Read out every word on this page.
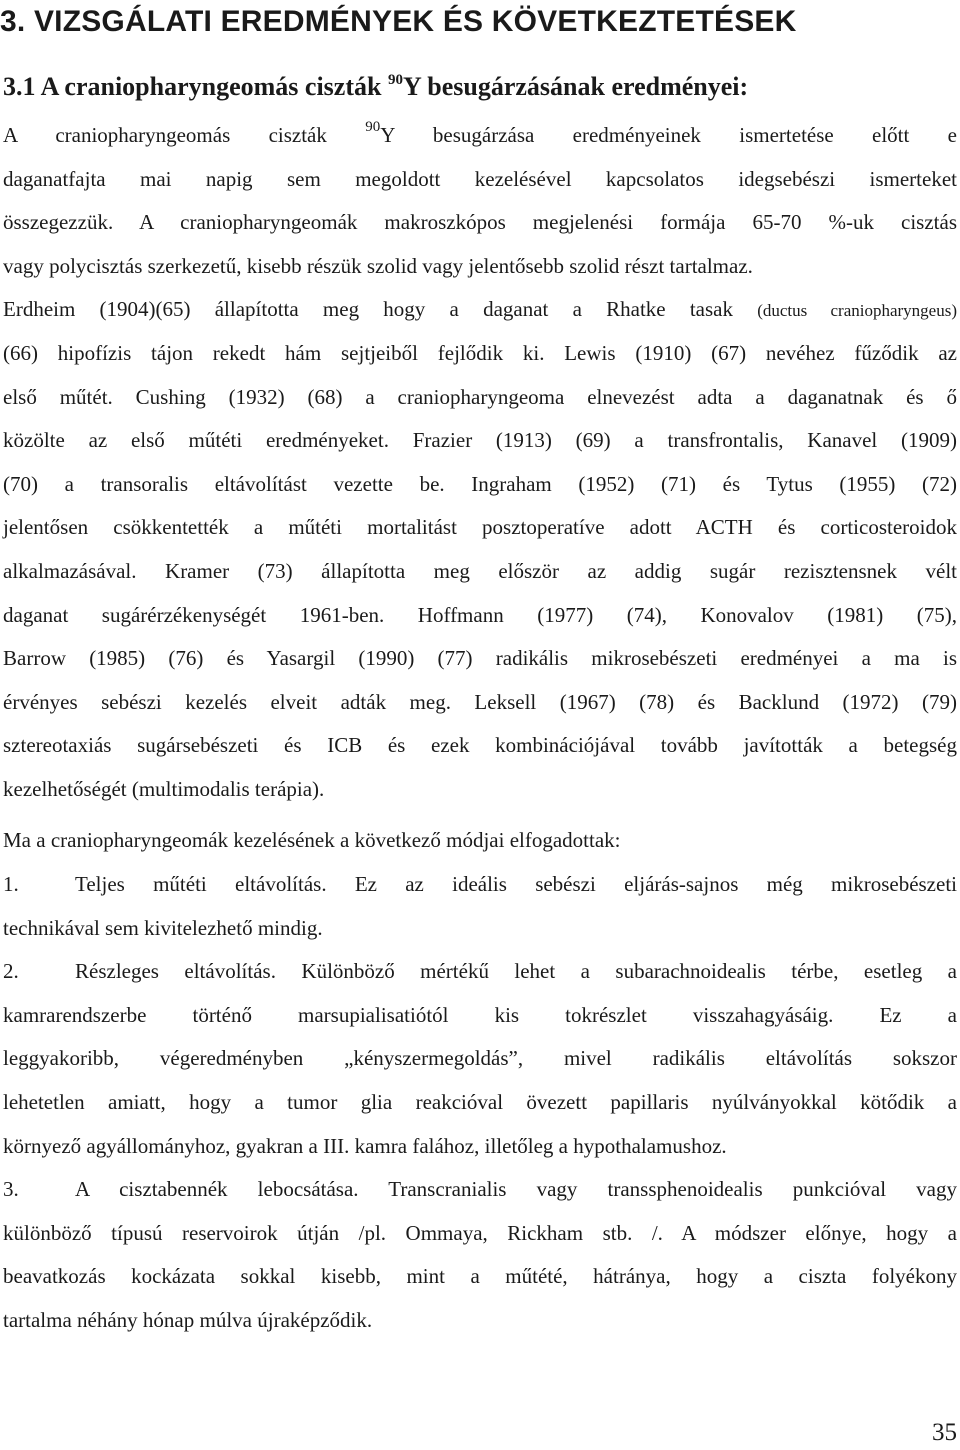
3. VIZSGÁLATI EREDMÉNYEK ÉS KÖVETKEZTETÉSEK
3.1 A craniopharyngeomás ciszták $^{90}$Y besugárzásának eredményei:
A craniopharyngeomás ciszták $^{90}$Y besugárzása eredményeinek ismertetése előtt e
daganatfajta mai napig sem megoldott kezelésével kapcsolatos idegsebészi ismerteket
összegezzük. A craniopharyngeomák makroszkópos megjelenési formája 65-70 %-uk cisztás
vagy polycisztás szerkezetű, kisebb részük szolid vagy jelentősebb szolid részt tartalmaz.
Erdheim (1904)(65) állapította meg hogy a daganat a Rhatke tasak (ductus craniopharyngeus)
(66) hipofízis tájon rekedt hám sejtjeiből fejlődik ki. Lewis (1910) (67) nevéhez fűződik az
első műtét. Cushing (1932) (68) a craniopharyngeoma elnevezést adta a daganatnak és ő
közölte az első műtéti eredményeket. Frazier (1913) (69) a transfrontalis, Kanavel (1909)
(70) a transoralis eltávolítást vezette be. Ingraham (1952) (71) és Tytus (1955) (72)
jelentősen csökkentették a műtéti mortalitást posztoperatíve adott ACTH és corticosteroidok
alkalmazásával. Kramer (73) állapította meg először az addig sugár rezisztensnek vélt
daganat sugárérzékenységét 1961-ben. Hoffmann (1977) (74), Konovalov (1981) (75),
Barrow (1985) (76) és Yasargil (1990) (77) radikális mikrosebészeti eredményei a ma is
érvényes sebészi kezelés elveit adták meg. Leksell (1967) (78) és Backlund (1972) (79)
sztereotaxiás sugársebészeti és ICB és ezek kombinációjával tovább javították a betegség
kezelhetőségét (multimodalis terápia).
Ma a craniopharyngeomák kezelésének a következő módjai elfogadottak:
1.	Teljes műtéti eltávolítás. Ez az ideális sebészi eljárás-sajnos még mikrosebészeti
technikával sem kivitelezhető mindig.
2.	Részleges eltávolítás. Különböző mértékű lehet a subarachnoidealis térbe, esetleg a
kamrarendszerbe történő marsupialisatiótól kis tokrészlet visszahagyásáig. Ez a
leggyakoribb, végeredményben „kényszermegoldás”, mivel radikális eltávolítás sokszor
lehetetlen amiatt, hogy a tumor glia reakcióval övezett papillaris nyúlványokkal kötődik a
környező agyállományhoz, gyakran a III. kamra falához, illetőleg a hypothalamushoz.
3.	A cisztabennék lebocsátása. Transcranialis vagy transsphenoidealis punkcióval vagy
különböző típusú reservoirok útján /pl. Ommaya, Rickham stb. /. A módszer előnye, hogy a
beavatkozás kockázata sokkal kisebb, mint a műtété, hátránya, hogy a ciszta folyékony
tartalma néhány hónap múlva újraképződik.
35
